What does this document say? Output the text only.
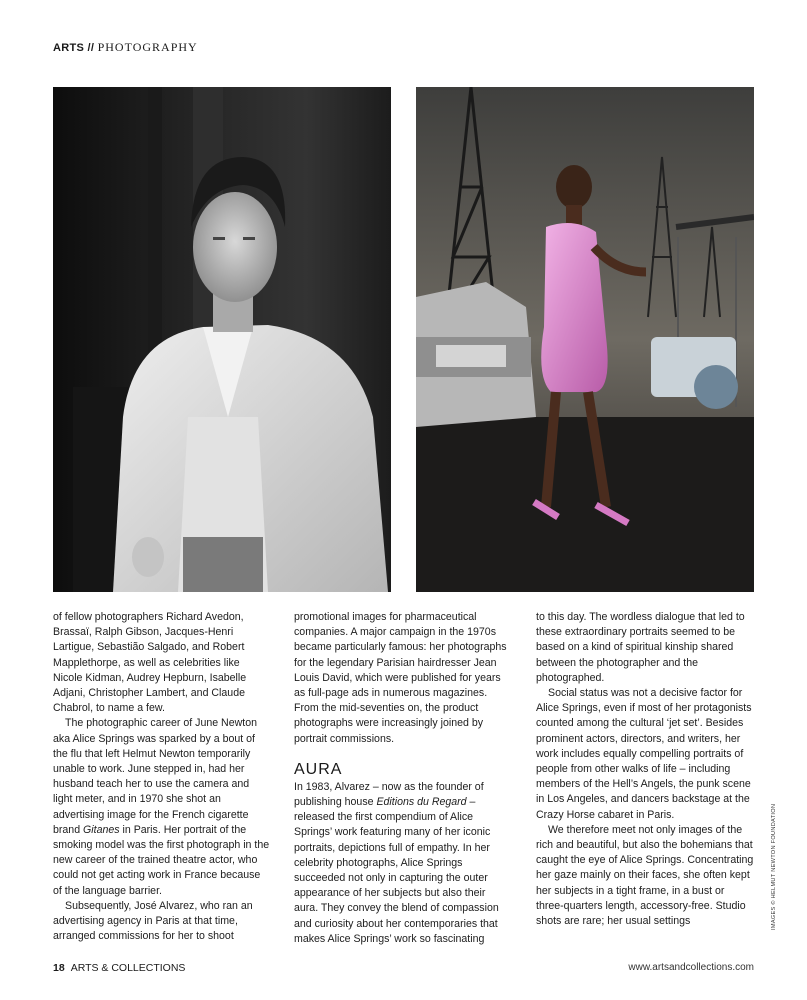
ARTS // PHOTOGRAPHY

of fellow photographers Richard Avedon, Brassaï, Ralph Gibson, Jacques-Henri Lartigue, Sebastião Salgado, and Robert Mapplethorpe, as well as celebrities like Nicole Kidman, Audrey Hepburn, Isabelle Adjani, Christopher Lambert, and Claude Chabrol, to name a few.

The photographic career of June Newton aka Alice Springs was sparked by a bout of the flu that left Helmut Newton temporarily unable to work. June stepped in, had her husband teach her to use the camera and light meter, and in 1970 she shot an advertising image for the French cigarette brand Gitanes in Paris. Her portrait of the smoking model was the first photograph in the new career of the trained theatre actor, who could not get acting work in France because of the language barrier.

Subsequently, José Alvarez, who ran an advertising agency in Paris at that time, arranged commissions for her to shoot

promotional images for pharmaceutical companies. A major campaign in the 1970s became particularly famous: her photographs for the legendary Parisian hairdresser Jean Louis David, which were published for years as full-page ads in numerous magazines. From the mid-seventies on, the product photographs were increasingly joined by portrait commissions.

AURA

In 1983, Alvarez – now as the founder of publishing house Editions du Regard – released the first compendium of Alice Springs’ work featuring many of her iconic portraits, depictions full of empathy. In her celebrity photographs, Alice Springs succeeded not only in capturing the outer appearance of her subjects but also their aura. They convey the blend of compassion and curiosity about her contemporaries that makes Alice Springs’ work so fascinating

to this day. The wordless dialogue that led to these extraordinary portraits seemed to be based on a kind of spiritual kinship shared between the photographer and the photographed.

Social status was not a decisive factor for Alice Springs, even if most of her protagonists counted among the cultural ‘jet set’. Besides prominent actors, directors, and writers, her work includes equally compelling portraits of people from other walks of life – including members of the Hell’s Angels, the punk scene in Los Angeles, and dancers backstage at the Crazy Horse cabaret in Paris.

We therefore meet not only images of the rich and beautiful, but also the bohemians that caught the eye of Alice Springs. Concentrating her gaze mainly on their faces, she often kept her subjects in a tight frame, in a bust or three-quarters length, accessory-free. Studio shots are rare; her usual settings	IMAGES © HELMUT NEWTON FOUNDATION
18 ARTS & COLLECTIONS	www.artsandcollections.com
